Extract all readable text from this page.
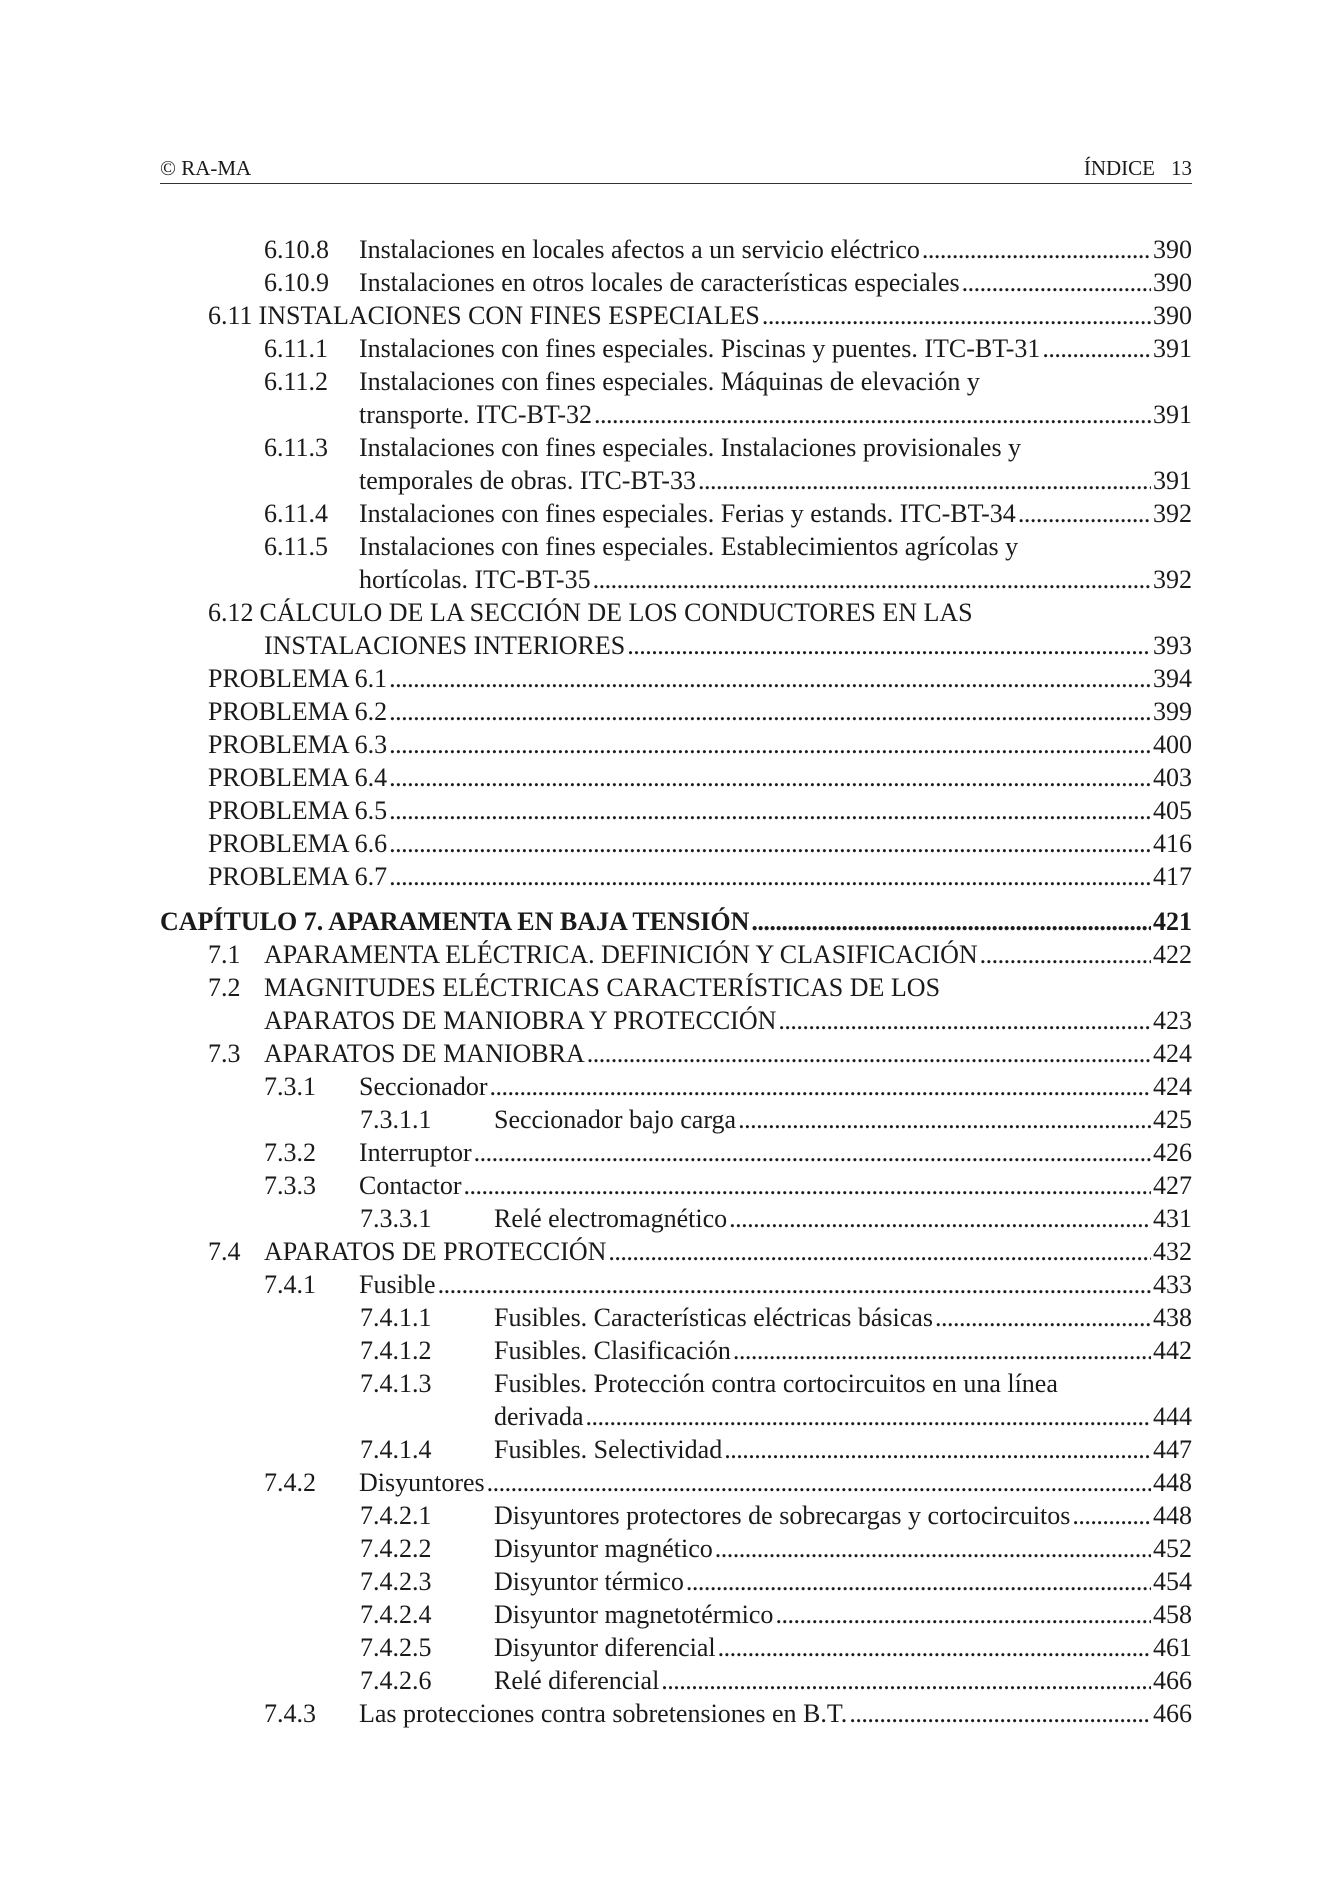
© RA-MA	ÍNDICE 13
6.10.8	Instalaciones en locales afectos a un servicio eléctrico . . .	390
6.10.9	Instalaciones en otros locales de características especiales . . .	390
6.11 INSTALACIONES CON FINES ESPECIALES . . .	390
6.11.1	Instalaciones con fines especiales. Piscinas y puentes. ITC-BT-31 . . .	391
6.11.2	Instalaciones con fines especiales. Máquinas de elevación y
transporte. ITC-BT-32 . . .	391
6.11.3	Instalaciones con fines especiales. Instalaciones provisionales y
temporales de obras. ITC-BT-33 . . .	391
6.11.4	Instalaciones con fines especiales. Ferias y estands. ITC-BT-34 . . .	392
6.11.5	Instalaciones con fines especiales. Establecimientos agrícolas y
hortícolas. ITC-BT-35 . . .	392
6.12 CÁLCULO DE LA SECCIÓN DE LOS CONDUCTORES EN LAS
INSTALACIONES INTERIORES . . .	393
PROBLEMA 6.1 . . .	394
PROBLEMA 6.2 . . .	399
PROBLEMA 6.3 . . .	400
PROBLEMA 6.4 . . .	403
PROBLEMA 6.5 . . .	405
PROBLEMA 6.6 . . .	416
PROBLEMA 6.7 . . .	417
CAPÍTULO 7. APARAMENTA EN BAJA TENSIÓN . . .	421
7.1 APARAMENTA ELÉCTRICA. DEFINICIÓN Y CLASIFICACIÓN . . .	422
7.2 MAGNITUDES ELÉCTRICAS CARACTERÍSTICAS DE LOS
APARATOS DE MANIOBRA Y PROTECCIÓN . . .	423
7.3 APARATOS DE MANIOBRA . . .	424
7.3.1	Seccionador . . .	424
7.3.1.1	Seccionador bajo carga . . .	425
7.3.2	Interruptor . . .	426
7.3.3	Contactor . . .	427
7.3.3.1	Relé electromagnético . . .	431
7.4 APARATOS DE PROTECCIÓN . . .	432
7.4.1	Fusible . . .	433
7.4.1.1	Fusibles. Características eléctricas básicas . . .	438
7.4.1.2	Fusibles. Clasificación . . .	442
7.4.1.3	Fusibles. Protección contra cortocircuitos en una línea
derivada . . .	444
7.4.1.4	Fusibles. Selectividad . . .	447
7.4.2	Disyuntores . . .	448
7.4.2.1	Disyuntores protectores de sobrecargas y cortocircuitos . . .	448
7.4.2.2	Disyuntor magnético . . .	452
7.4.2.3	Disyuntor térmico . . .	454
7.4.2.4	Disyuntor magnetotérmico . . .	458
7.4.2.5	Disyuntor diferencial . . .	461
7.4.2.6	Relé diferencial . . .	466
7.4.3	Las protecciones contra sobretensiones en B.T. . . .	466
